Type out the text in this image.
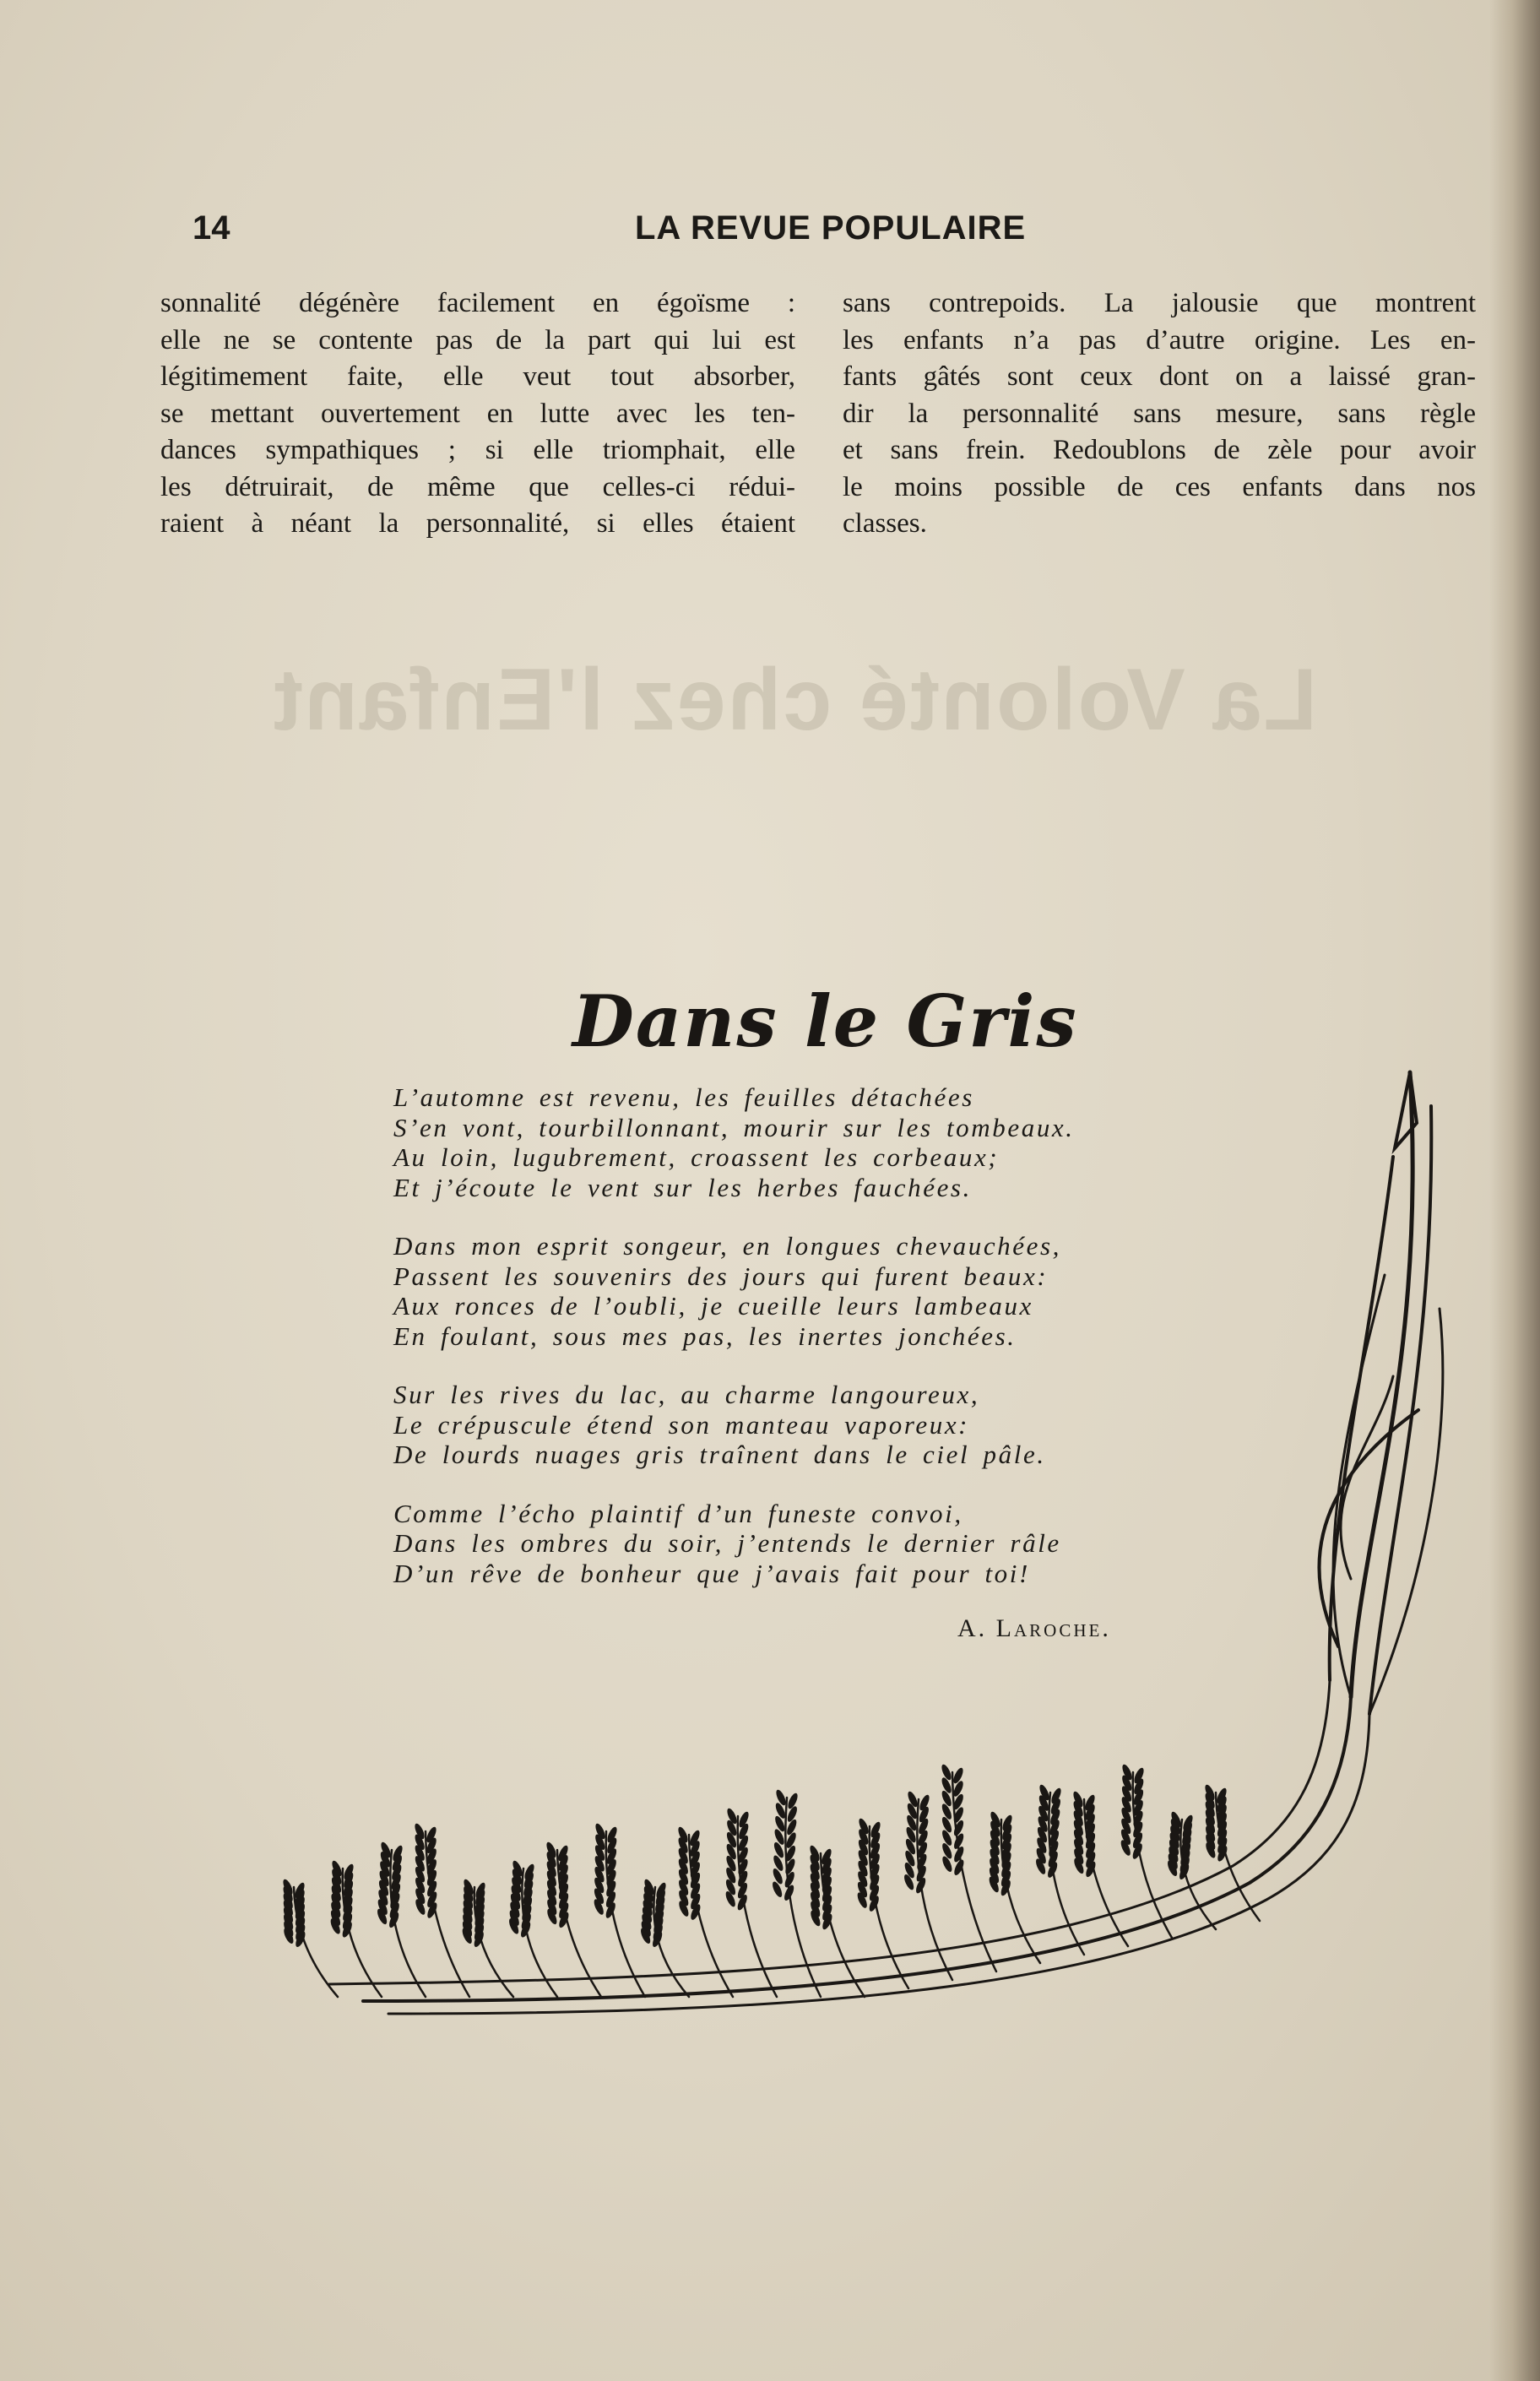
La Volonté chez l'Enfant
14	LA REVUE POPULAIRE

sonnalité dégénère facilement en égoïsme :
elle ne se contente pas de la part qui lui est
légitimement faite, elle veut tout absorber,
se mettant ouvertement en lutte avec les ten-
dances sympathiques ; si elle triomphait, elle
les détruirait, de même que celles-ci rédui-
raient à néant la personnalité, si elles étaient

sans contrepoids. La jalousie que montrent
les enfants n’a pas d’autre origine. Les en-
fants gâtés sont ceux dont on a laissé gran-
dir la personnalité sans mesure, sans règle
et sans frein. Redoublons de zèle pour avoir
le moins possible de ces enfants dans nos
classes.

Dans le Gris
L’automne est revenu, les feuilles détachées
S’en vont, tourbillonnant, mourir sur les tombeaux.
Au loin, lugubrement, croassent les corbeaux;
Et j’écoute le vent sur les herbes fauchées.
Dans mon esprit songeur, en longues chevauchées,
Passent les souvenirs des jours qui furent beaux:
Aux ronces de l’oubli, je cueille leurs lambeaux
En foulant, sous mes pas, les inertes jonchées.
Sur les rives du lac, au charme langoureux,
Le crépuscule étend son manteau vaporeux:
De lourds nuages gris traînent dans le ciel pâle.
Comme l’écho plaintif d’un funeste convoi,
Dans les ombres du soir, j’entends le dernier râle
D’un rêve de bonheur que j’avais fait pour toi!
A. Laroche.
